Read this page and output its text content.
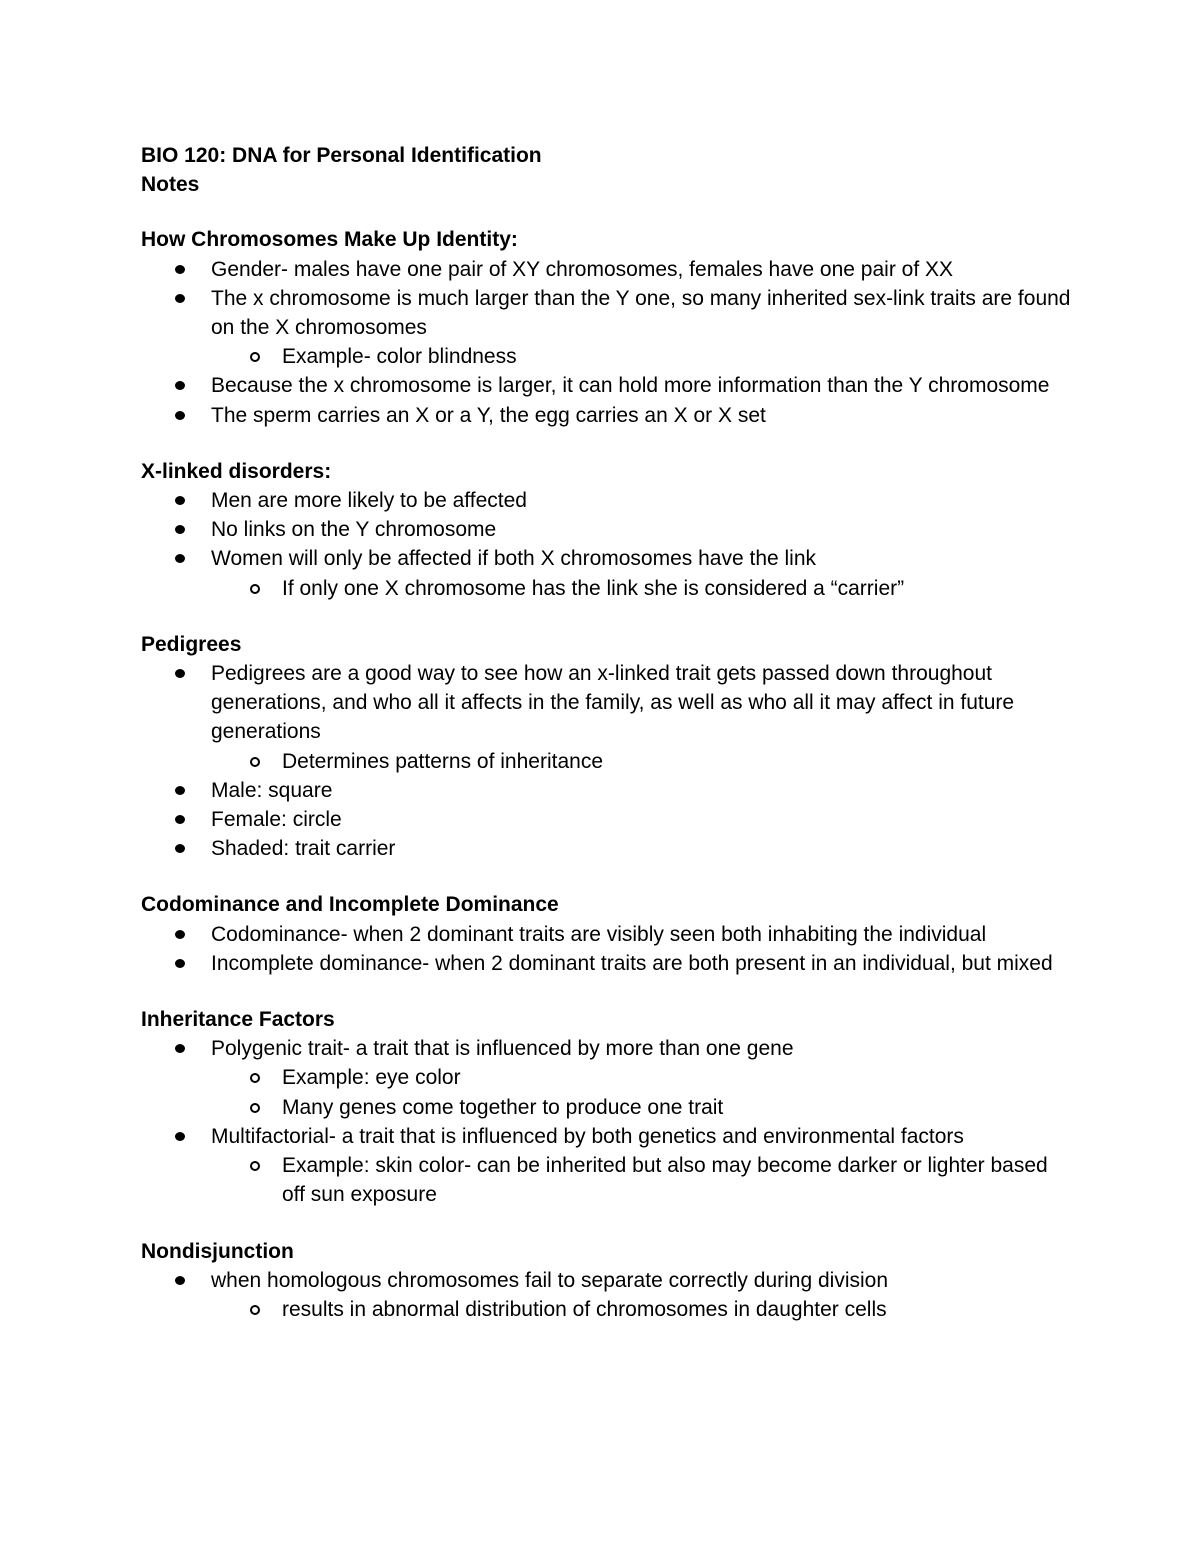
BIO 120: DNA for Personal Identification

Notes

How Chromosomes Make Up Identity:

Gender- males have one pair of XY chromosomes, females have one pair of XX
The x chromosome is much larger than the Y one, so many inherited sex-link traits are found on the X chromosomes
Example- color blindness
Because the x chromosome is larger, it can hold more information than the Y chromosome
The sperm carries an X or a Y, the egg carries an X or X set

X-linked disorders:

Men are more likely to be affected
No links on the Y chromosome
Women will only be affected if both X chromosomes have the link
If only one X chromosome has the link she is considered a “carrier”

Pedigrees

Pedigrees are a good way to see how an x-linked trait gets passed down throughout generations, and who all it affects in the family, as well as who all it may affect in future generations
Determines patterns of inheritance
Male: square
Female: circle
Shaded: trait carrier

Codominance and Incomplete Dominance

Codominance- when 2 dominant traits are visibly seen both inhabiting the individual
Incomplete dominance- when 2 dominant traits are both present in an individual, but mixed

Inheritance Factors

Polygenic trait- a trait that is influenced by more than one gene
Example: eye color
Many genes come together to produce one trait
Multifactorial- a trait that is influenced by both genetics and environmental factors
Example: skin color- can be inherited but also may become darker or lighter based off sun exposure

Nondisjunction

when homologous chromosomes fail to separate correctly during division
results in abnormal distribution of chromosomes in daughter cells
